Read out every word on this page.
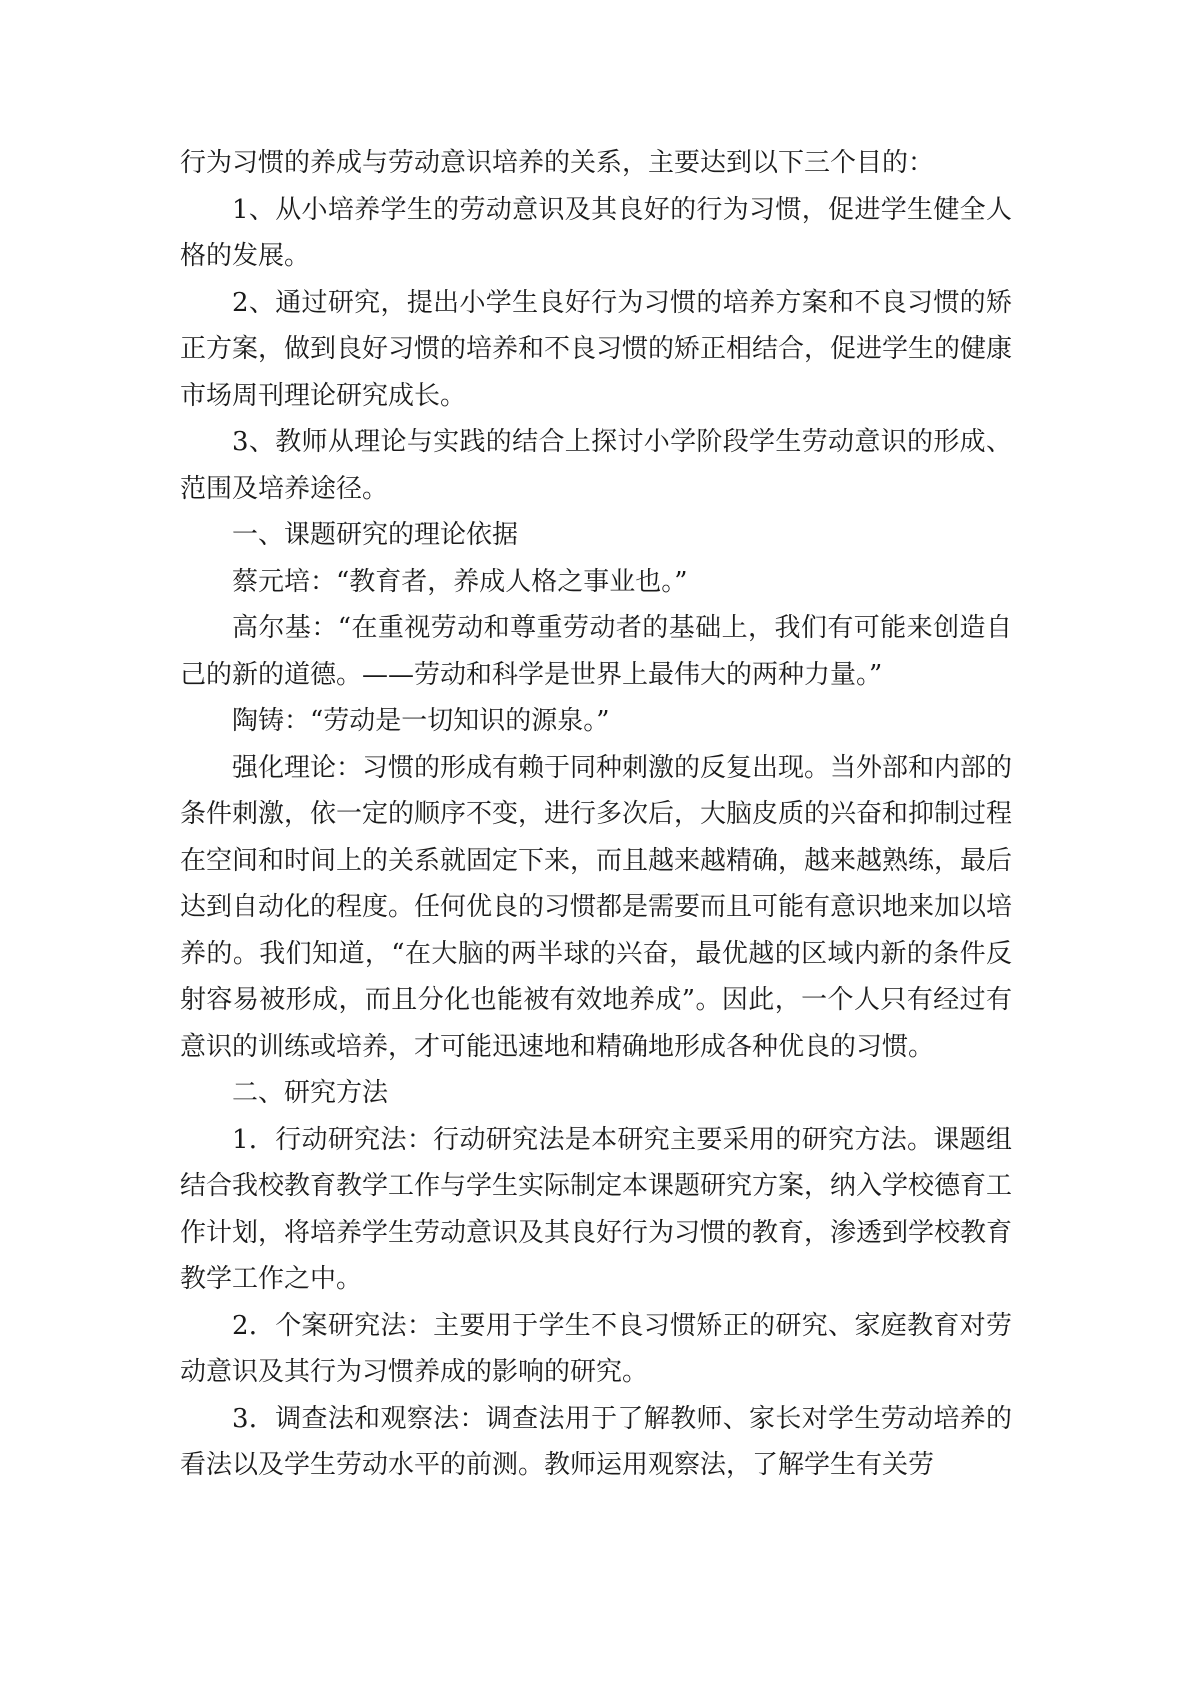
行为习惯的养成与劳动意识培养的关系，主要达到以下三个目的：

1、从小培养学生的劳动意识及其良好的行为习惯，促进学生健全人格的发展。

2、通过研究，提出小学生良好行为习惯的培养方案和不良习惯的矫正方案，做到良好习惯的培养和不良习惯的矫正相结合，促进学生的健康市场周刊理论研究成长。

3、教师从理论与实践的结合上探讨小学阶段学生劳动意识的形成、范围及培养途径。

一、课题研究的理论依据

蔡元培：“教育者，养成人格之事业也。”

高尔基：“在重视劳动和尊重劳动者的基础上，我们有可能来创造自己的新的道德。——劳动和科学是世界上最伟大的两种力量。”

陶铸：“劳动是一切知识的源泉。”

强化理论：习惯的形成有赖于同种刺激的反复出现。当外部和内部的条件刺激，依一定的顺序不变，进行多次后，大脑皮质的兴奋和抑制过程在空间和时间上的关系就固定下来，而且越来越精确，越来越熟练，最后达到自动化的程度。任何优良的习惯都是需要而且可能有意识地来加以培养的。我们知道，“在大脑的两半球的兴奋，最优越的区域内新的条件反射容易被形成，而且分化也能被有效地养成”。因此，一个人只有经过有意识的训练或培养，才可能迅速地和精确地形成各种优良的习惯。

二、研究方法

1．行动研究法：行动研究法是本研究主要采用的研究方法。课题组结合我校教育教学工作与学生实际制定本课题研究方案，纳入学校德育工作计划，将培养学生劳动意识及其良好行为习惯的教育，渗透到学校教育教学工作之中。

2．个案研究法：主要用于学生不良习惯矫正的研究、家庭教育对劳动意识及其行为习惯养成的影响的研究。

3．调查法和观察法：调查法用于了解教师、家长对学生劳动培养的看法以及学生劳动水平的前测。教师运用观察法，了解学生有关劳
